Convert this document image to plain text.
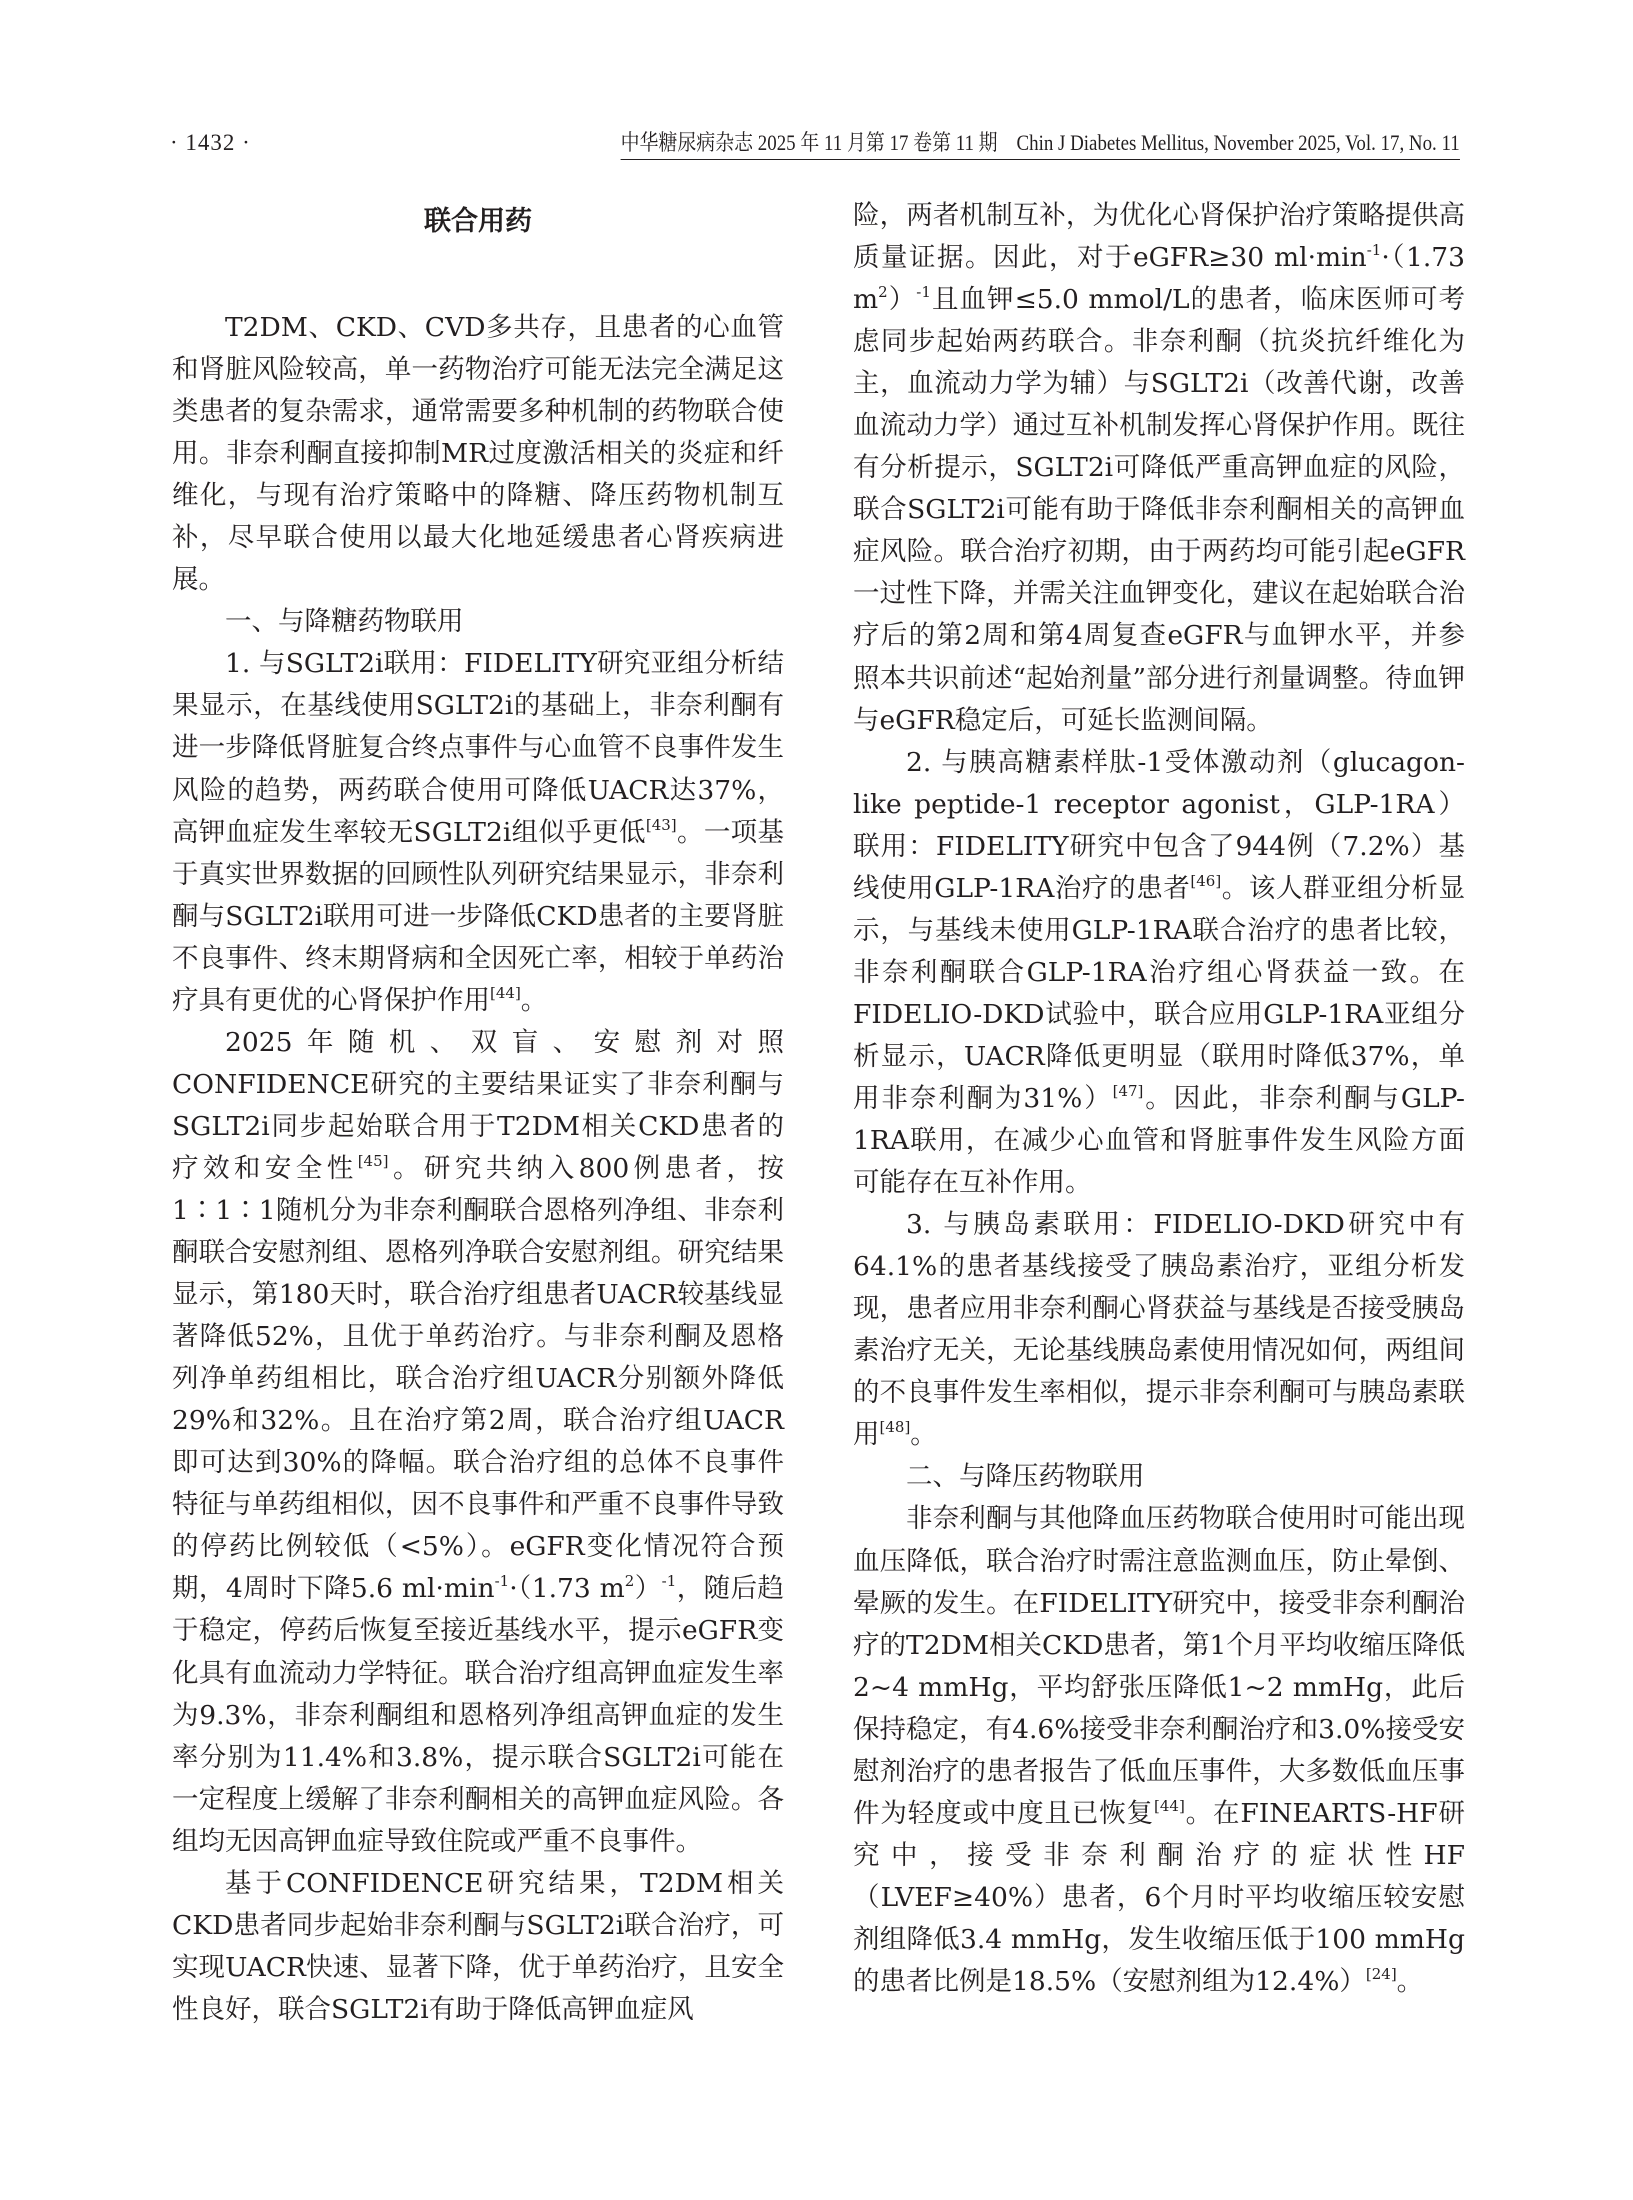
· 1432 ·	中华糖尿病杂志 2025 年 11 月第 17 卷第 11 期　Chin J Diabetes Mellitus, November 2025, Vol. 17, No. 11
联合用药

T2DM、CKD、CVD多共存，且患者的心血管和肾脏风险较高，单一药物治疗可能无法完全满足这类患者的复杂需求，通常需要多种机制的药物联合使用。非奈利酮直接抑制MR过度激活相关的炎症和纤维化，与现有治疗策略中的降糖、降压药物机制互补，尽早联合使用以最大化地延缓患者心肾疾病进展。

一、与降糖药物联用

1. 与SGLT2i联用：FIDELITY研究亚组分析结果显示，在基线使用SGLT2i的基础上，非奈利酮有进一步降低肾脏复合终点事件与心血管不良事件发生风险的趋势，两药联合使用可降低UACR达37%，高钾血症发生率较无SGLT2i组似乎更低[43]。一项基于真实世界数据的回顾性队列研究结果显示，非奈利酮与SGLT2i联用可进一步降低CKD患者的主要肾脏不良事件、终末期肾病和全因死亡率，相较于单药治疗具有更优的心肾保护作用[44]。

2025年随机、双盲、安慰剂对照CONFIDENCE研究的主要结果证实了非奈利酮与SGLT2i同步起始联合用于T2DM相关CKD患者的疗效和安全性[45]。研究共纳入800例患者，按1∶1∶1随机分为非奈利酮联合恩格列净组、非奈利酮联合安慰剂组、恩格列净联合安慰剂组。研究结果显示，第180天时，联合治疗组患者UACR较基线显著降低52%，且优于单药治疗。与非奈利酮及恩格列净单药组相比，联合治疗组UACR分别额外降低29%和32%。且在治疗第2周，联合治疗组UACR即可达到30%的降幅。联合治疗组的总体不良事件特征与单药组相似，因不良事件和严重不良事件导致的停药比例较低（<5%）。eGFR变化情况符合预期，4周时下降5.6 $ml\cdot\min^{-1}\cdot(1.73$ $m^2)^{-1}$，随后趋于稳定，停药后恢复至接近基线水平，提示eGFR变化具有血流动力学特征。联合治疗组高钾血症发生率为9.3%，非奈利酮组和恩格列净组高钾血症的发生率分别为11.4%和3.8%，提示联合SGLT2i可能在一定程度上缓解了非奈利酮相关的高钾血症风险。各组均无因高钾血症导致住院或严重不良事件。

基于CONFIDENCE研究结果，T2DM相关CKD患者同步起始非奈利酮与SGLT2i联合治疗，可实现UACR快速、显著下降，优于单药治疗，且安全性良好，联合SGLT2i有助于降低高钾血症风

险，两者机制互补，为优化心肾保护治疗策略提供高质量证据。因此，对于eGFR≥30 $ml\cdot\min^{-1}\cdot(1.73$ $m^2)^{-1}$且血钾≤5.0 mmol/L的患者，临床医师可考虑同步起始两药联合。非奈利酮（抗炎抗纤维化为主，血流动力学为辅）与SGLT2i（改善代谢，改善血流动力学）通过互补机制发挥心肾保护作用。既往有分析提示，SGLT2i可降低严重高钾血症的风险，联合SGLT2i可能有助于降低非奈利酮相关的高钾血症风险。联合治疗初期，由于两药均可能引起eGFR一过性下降，并需关注血钾变化，建议在起始联合治疗后的第2周和第4周复查eGFR与血钾水平，并参照本共识前述“起始剂量”部分进行剂量调整。待血钾与eGFR稳定后，可延长监测间隔。

2. 与胰高糖素样肽-1受体激动剂（glucagon-like peptide-1 receptor agonist，GLP-1RA）联用：FIDELITY研究中包含了944例（7.2%）基线使用GLP-1RA治疗的患者[46]。该人群亚组分析显示，与基线未使用GLP-1RA联合治疗的患者比较，非奈利酮联合GLP-1RA治疗组心肾获益一致。在FIDELIO-DKD试验中，联合应用GLP-1RA亚组分析显示，UACR降低更明显（联用时降低37%，单用非奈利酮为31%）[47]。因此，非奈利酮与GLP-1RA联用，在减少心血管和肾脏事件发生风险方面可能存在互补作用。

3. 与胰岛素联用：FIDELIO-DKD研究中有64.1%的患者基线接受了胰岛素治疗，亚组分析发现，患者应用非奈利酮心肾获益与基线是否接受胰岛素治疗无关，无论基线胰岛素使用情况如何，两组间的不良事件发生率相似，提示非奈利酮可与胰岛素联用[48]。

二、与降压药物联用

非奈利酮与其他降血压药物联合使用时可能出现血压降低，联合治疗时需注意监测血压，防止晕倒、晕厥的发生。在FIDELITY研究中，接受非奈利酮治疗的T2DM相关CKD患者，第1个月平均收缩压降低2~4 mmHg，平均舒张压降低1~2 mmHg，此后保持稳定，有4.6%接受非奈利酮治疗和3.0%接受安慰剂治疗的患者报告了低血压事件，大多数低血压事件为轻度或中度且已恢复[44]。在FINEARTS-HF研究中，接受非奈利酮治疗的症状性HF（LVEF≥40%）患者，6个月时平均收缩压较安慰剂组降低3.4 mmHg，发生收缩压低于100 mmHg的患者比例是18.5%（安慰剂组为12.4%）[24]。
